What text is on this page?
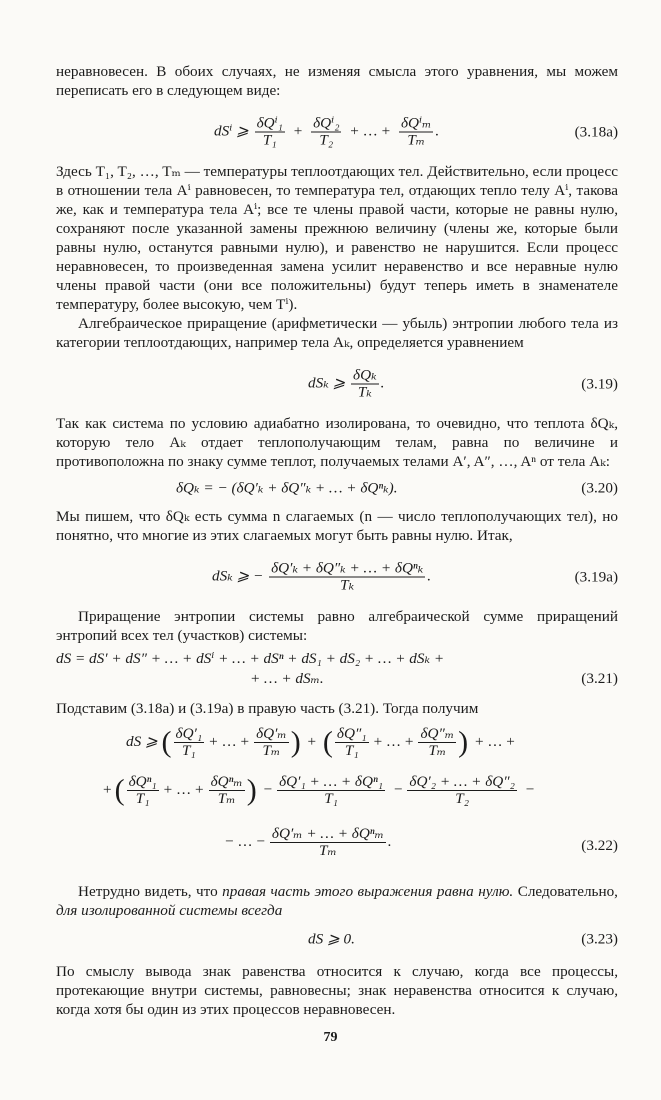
неравновесен. В обоих случаях, не изменяя смысла этого уравнения, мы можем переписать его в следующем виде:

dSⁱ ⩾ $\frac{\text{δQⁱ₁}}{\text{T₁}} + \frac{\text{δQⁱ₂}}{\text{T₂}}$ + … + $\frac{\text{δQⁱₘ}}{\text{Tₘ}}$ .	(3.18а)

Здесь T₁, T₂, …, Tₘ — температуры теплоотдающих тел. Действительно, если процесс в отношении тела Aⁱ равновесен, то температура тел, отдающих тепло телу Aⁱ, такова же, как и температура тела Aⁱ; все те члены правой части, которые не равны нулю, сохраняют после указанной замены прежнюю величину (члены же, которые были равны нулю, останутся равными нулю), и равенство не нарушится. Если процесс неравновесен, то произведенная замена усилит неравенство и все неравные нулю члены правой части (они все положительны) будут теперь иметь в знаменателе температуру, более высокую, чем Tⁱ).

Алгебраическое приращение (арифметически — убыль) энтропии любого тела из категории теплоотдающих, например тела Aₖ, определяется уравнением

dSₖ ⩾ $\frac{\text{δQₖ}}{\text{Tₖ}}$ .	(3.19)

Так как система по условию адиабатно изолирована, то очевидно, что теплота δQₖ, которую тело Aₖ отдает теплополучающим телам, равна по величине и противоположна по знаку сумме теплот, получаемых телами A′, A″, …, Aⁿ от тела Aₖ:

δQₖ = − (δQ′ₖ + δQ″ₖ + … + δQⁿₖ).	(3.20)

Мы пишем, что δQₖ есть сумма n слагаемых (n — число теплополучающих тел), но понятно, что многие из этих слагаемых могут быть равны нулю. Итак,

dSₖ ⩾ − $\frac{\text{δQ′ₖ + δQ″ₖ + … + δQⁿₖ}}{\text{Tₖ}}$ .	(3.19а)

Приращение энтропии системы равно алгебраической сумме приращений энтропий всех тел (участков) системы:

dS = dS′ + dS″ + … + dSⁱ + … + dSⁿ + dS₁ + dS₂ + … + dSₖ +
+ … + dSₘ.	(3.21)

Подставим (3.18а) и (3.19а) в правую часть (3.21). Тогда получим

dS ⩾ ( $\frac{\text{δQ′₁}}{\text{T₁}}$ + … + $\frac{\text{δQ′ₘ}}{\text{Tₘ}}$ ) + ( $\frac{\text{δQ″₁}}{\text{T₁}}$ + … + $\frac{\text{δQ″ₘ}}{\text{Tₘ}}$ ) + … +
+ ( $\frac{\text{δQⁿ₁}}{\text{T₁}}$ + … + $\frac{\text{δQⁿₘ}}{\text{Tₘ}}$ ) − $\frac{\text{δQ′₁ + … + δQⁿ₁}}{\text{T₁}} - \frac{\text{δQ′₂ + … + δQ″₂}}{\text{T₂}}$ −
− … − $\frac{\text{δQ′ₘ + … + δQⁿₘ}}{\text{Tₘ}}$ .	(3.22)

Нетрудно видеть, что правая часть этого выражения равна нулю. Следовательно, для изолированной системы всегда

dS ⩾ 0.	(3.23)

По смыслу вывода знак равенства относится к случаю, когда все процессы, протекающие внутри системы, равновесны; знак неравенства относится к случаю, когда хотя бы один из этих процессов неравновесен.

79
